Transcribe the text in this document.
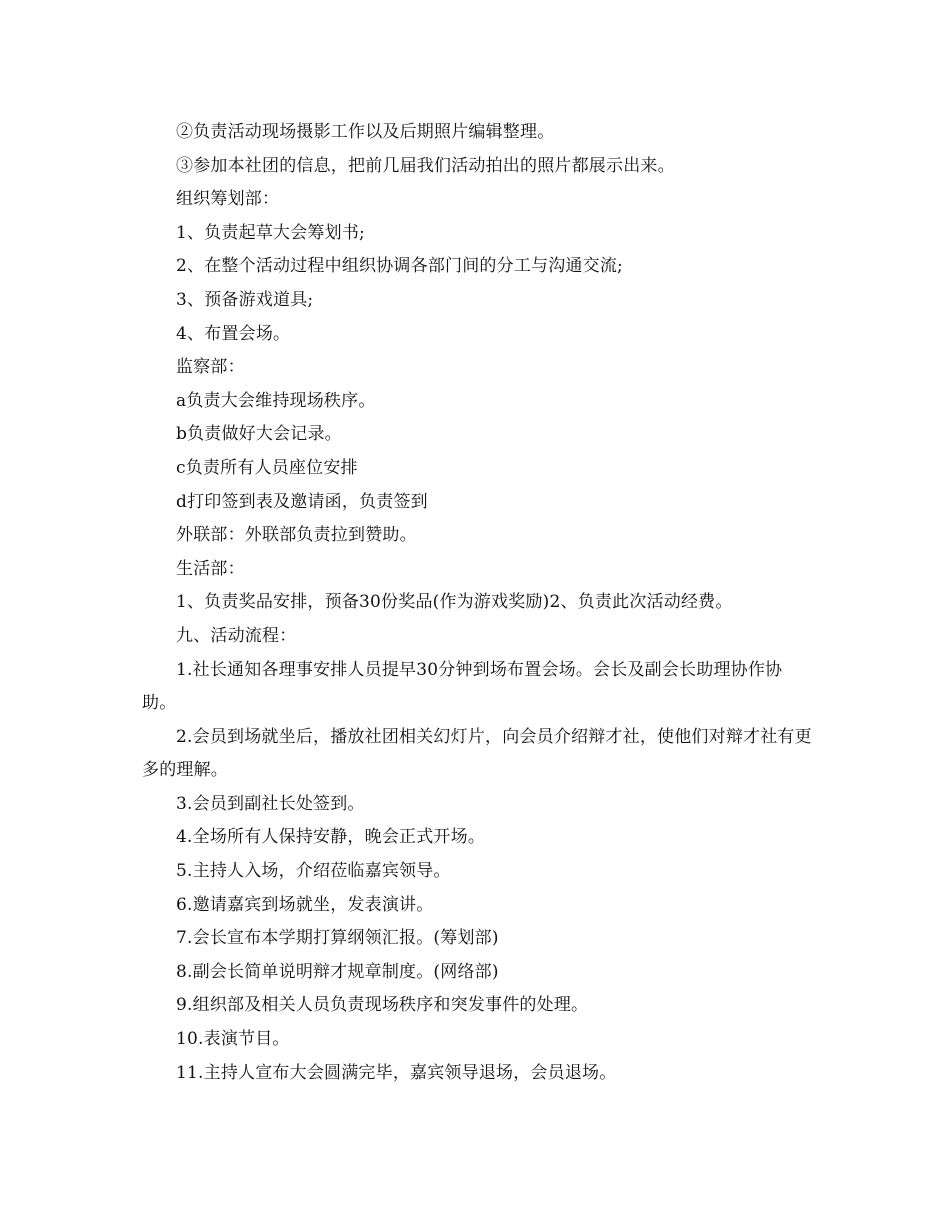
②负责活动现场摄影工作以及后期照片编辑整理。
③参加本社团的信息，把前几届我们活动拍出的照片都展示出来。
组织筹划部：
1、负责起草大会筹划书;
2、在整个活动过程中组织协调各部门间的分工与沟通交流;
3、预备游戏道具;
4、布置会场。
监察部：
a负责大会维持现场秩序。
b负责做好大会记录。
c负责所有人员座位安排
d打印签到表及邀请函，负责签到
外联部：外联部负责拉到赞助。
生活部：
1、负责奖品安排，预备30份奖品(作为游戏奖励)2、负责此次活动经费。
九、活动流程：
1.社长通知各理事安排人员提早30分钟到场布置会场。会长及副会长助理协作协助。
2.会员到场就坐后，播放社团相关幻灯片，向会员介绍辩才社，使他们对辩才社有更多的理解。
3.会员到副社长处签到。
4.全场所有人保持安静，晚会正式开场。
5.主持人入场，介绍莅临嘉宾领导。
6.邀请嘉宾到场就坐，发表演讲。
7.会长宣布本学期打算纲领汇报。(筹划部)
8.副会长简单说明辩才规章制度。(网络部)
9.组织部及相关人员负责现场秩序和突发事件的处理。
10.表演节目。
11.主持人宣布大会圆满完毕，嘉宾领导退场，会员退场。
